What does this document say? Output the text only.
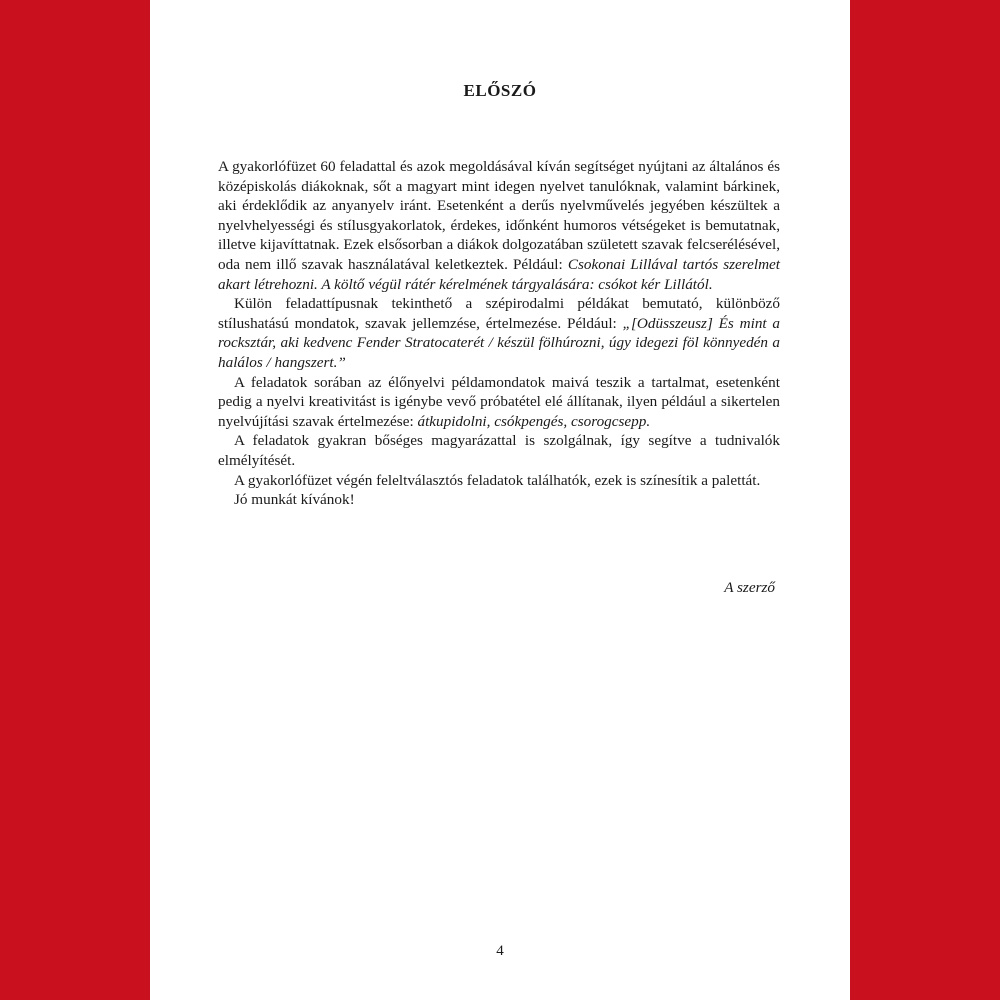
ELŐSZÓ

A gyakorlófüzet 60 feladattal és azok megoldásával kíván segítséget nyújtani az általános és középiskolás diákoknak, sőt a magyart mint idegen nyelvet tanulóknak, valamint bárkinek, aki érdeklődik az anyanyelv iránt. Esetenként a derűs nyelvművelés jegyében készültek a nyelvhelyességi és stílusgyakorlatok, érdekes, időnként humoros vétségeket is bemutatnak, illetve kijavíttatnak. Ezek elsősorban a diákok dolgozatában született szavak felcserélésével, oda nem illő szavak használatával keletkeztek. Például: Csokonai Lillával tartós szerelmet akart létrehozni. A költő végül rátér kérelmének tárgyalására: csókot kér Lillától.

Külön feladattípusnak tekinthető a szépirodalmi példákat bemutató, különböző stílushatású mondatok, szavak jellemzése, értelmezése. Például: „[Odüsszeusz] És mint a rocksztár, aki kedvenc Fender Stratocaterét / készül fölhúrozni, úgy idegezi föl könnyedén a halálos / hangszert.”

A feladatok sorában az élőnyelvi példamondatok maivá teszik a tartalmat, esetenként pedig a nyelvi kreativitást is igénybe vevő próbatétel elé állítanak, ilyen például a sikertelen nyelvújítási szavak értelmezése: átkupidolni, csókpengés, csorogcsepp.

A feladatok gyakran bőséges magyarázattal is szolgálnak, így segítve a tudnivalók elmélyítését.

A gyakorlófüzet végén feleltválasztós feladatok találhatók, ezek is színesítik a palettát.

Jó munkát kívánok!

A szerző
4
